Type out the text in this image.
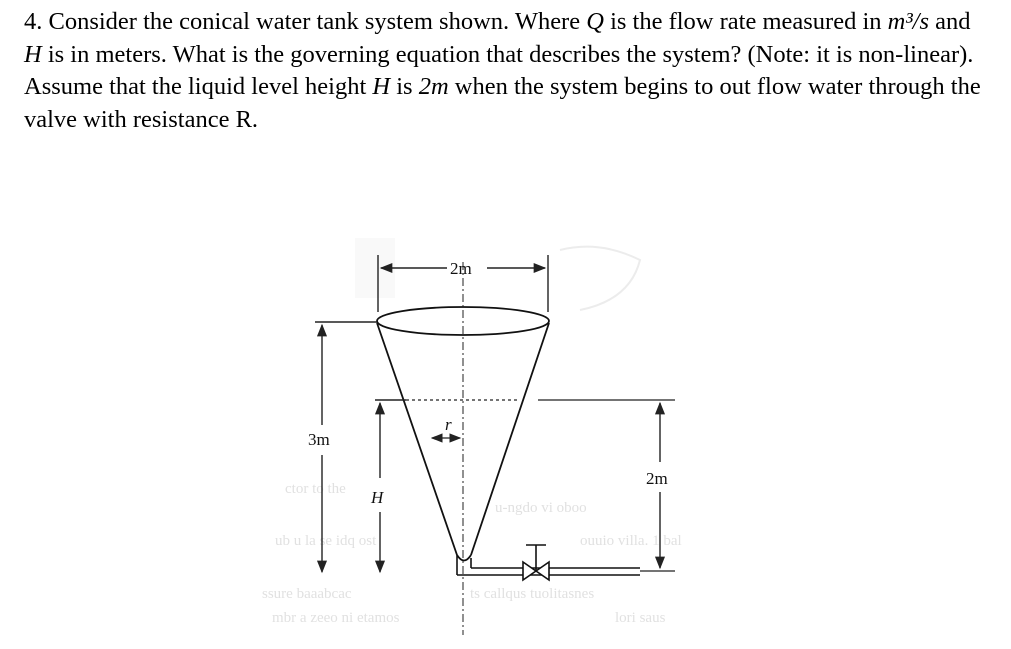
4. Consider the conical water tank system shown. Where Q is the flow rate measured in m³/s and H is in meters. What is the governing equation that describes the system? (Note: it is non-linear). Assume that the liquid level height H is 2m when the system begins to out flow water through the valve with resistance R.

ctor to the
u-ngdo vi oboo
ub u la se idq ost	ouuio villa. 1 bal
ssure baaabcac	ts callqus tuolitasnes
mbr a zeeo ni etamos	lori saus
2m
r
3m
H
2m
